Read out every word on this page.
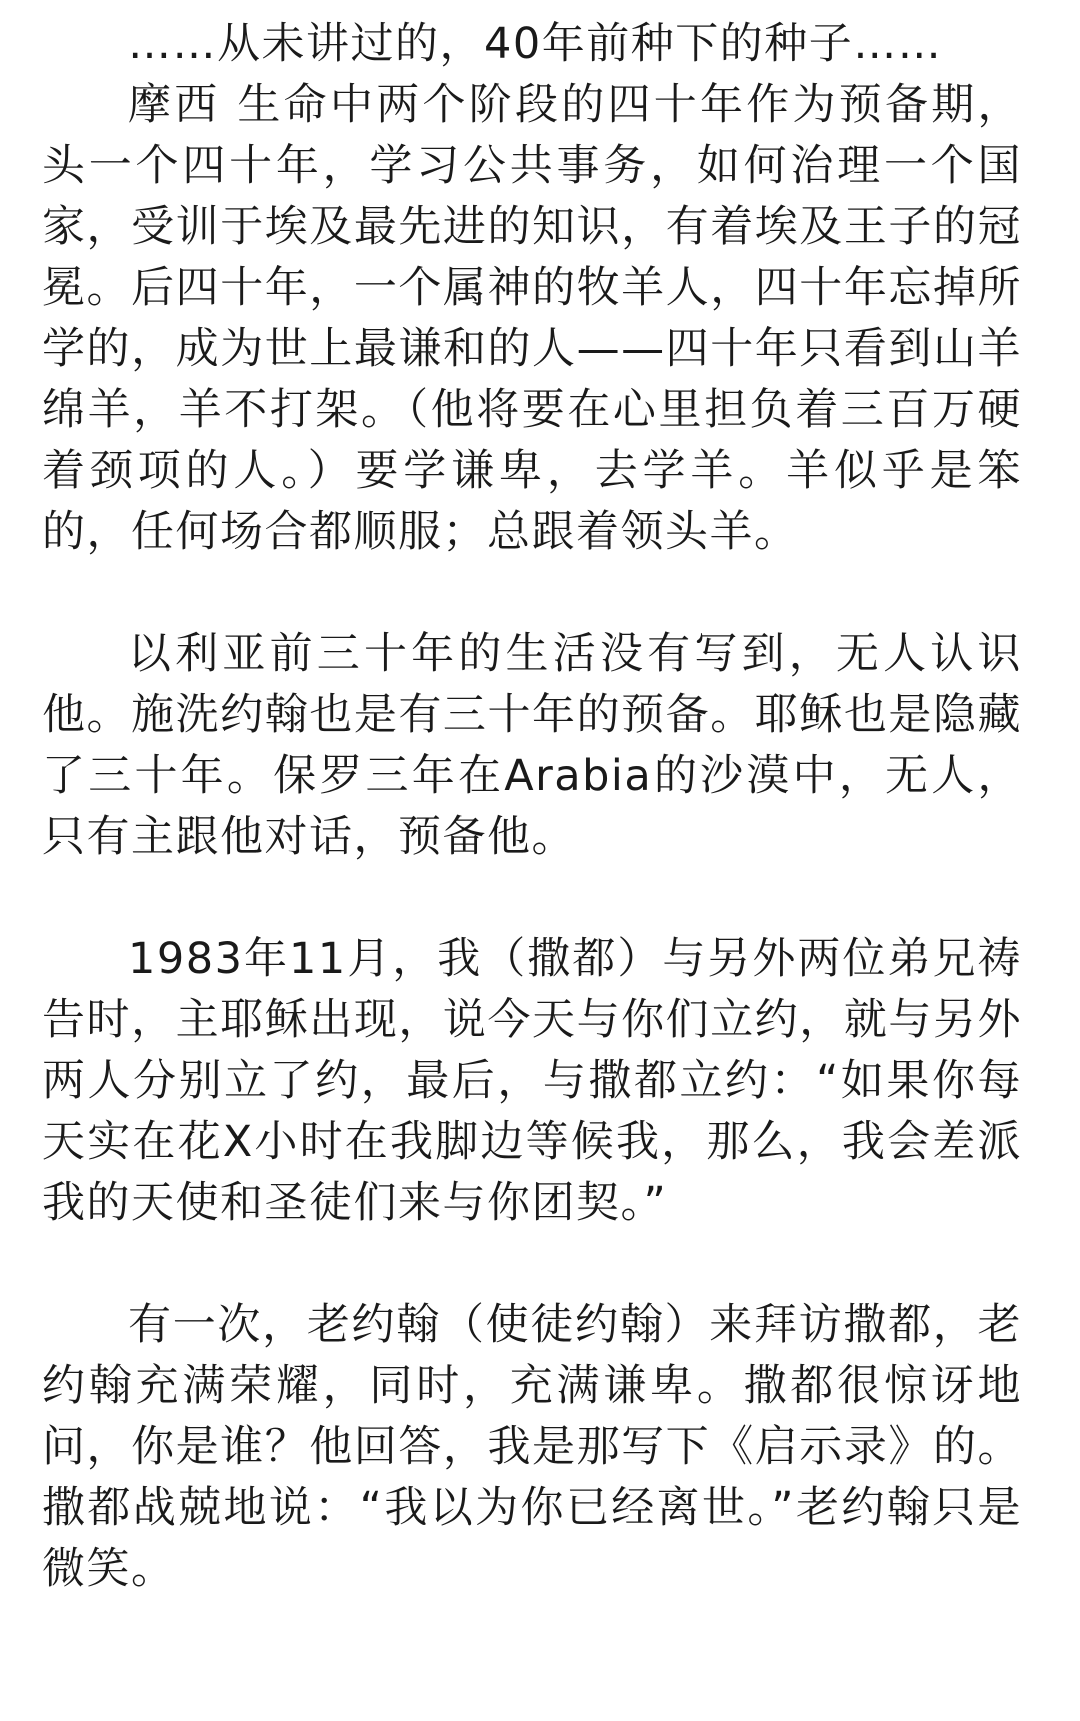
……从未讲过的，40年前种下的种子……

摩西 生命中两个阶段的四十年作为预备期，头一个四十年，学习公共事务，如何治理一个国家，受训于埃及最先进的知识，有着埃及王子的冠冕。后四十年，一个属神的牧羊人，四十年忘掉所学的，成为世上最谦和的人——四十年只看到山羊绵羊，羊不打架。（他将要在心里担负着三百万硬着颈项的人。）要学谦卑，去学羊。羊似乎是笨的，任何场合都顺服；总跟着领头羊。

以利亚前三十年的生活没有写到，无人认识他。施洗约翰也是有三十年的预备。耶稣也是隐藏了三十年。保罗三年在Arabia的沙漠中，无人，只有主跟他对话，预备他。

1983年11月，我（撒都）与另外两位弟兄祷告时，主耶稣出现，说今天与你们立约，就与另外两人分别立了约，最后，与撒都立约：“如果你每天实在花X小时在我脚边等候我，那么，我会差派我的天使和圣徒们来与你团契。”

有一次，老约翰（使徒约翰）来拜访撒都，老约翰充满荣耀，同时，充满谦卑。撒都很惊讶地问，你是谁？他回答，我是那写下《启示录》的。撒都战兢地说：“我以为你已经离世。”老约翰只是微笑。
